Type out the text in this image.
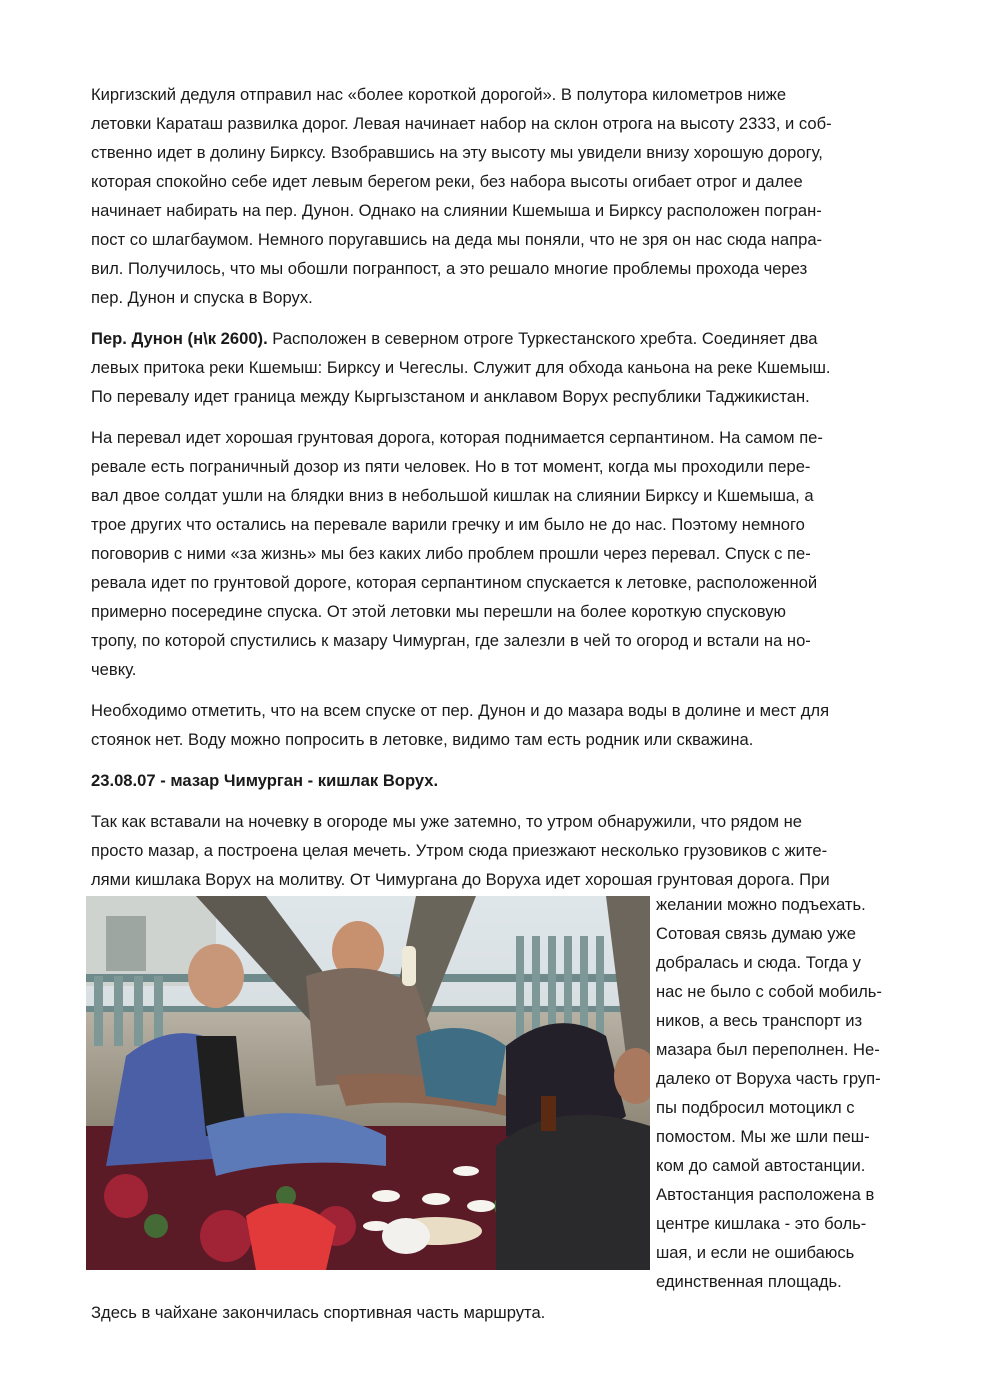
Киргизский дедуля отправил нас «более короткой дорогой». В полутора километров ниже
летовки Караташ развилка дорог. Левая начинает набор на склон отрога на высоту 2333, и соб-
ственно идет в долину Бирксу. Взобравшись на эту высоту мы увидели внизу хорошую дорогу,
которая спокойно себе идет левым берегом реки, без набора высоты огибает отрог и далее
начинает набирать на пер. Дунон. Однако на слиянии Кшемыша и Бирксу расположен погран-
пост со шлагбаумом. Немного поругавшись на деда мы поняли, что не зря он нас сюда напра-
вил. Получилось, что мы обошли погранпост, а это решало многие проблемы прохода через
пер. Дунон и спуска в Ворух.

Пер. Дунон (н\к 2600). Расположен в северном отроге Туркестанского хребта. Соединяет два
левых притока реки Кшемыш: Бирксу и Чегеслы. Служит для обхода каньона на реке Кшемыш.
По перевалу идет граница между Кыргызстаном и анклавом Ворух республики Таджикистан.

На перевал идет хорошая грунтовая дорога, которая поднимается серпантином. На самом пе-
ревале есть пограничный дозор из пяти человек. Но в тот момент, когда мы проходили пере-
вал двое солдат ушли на блядки вниз в небольшой кишлак на слиянии Бирксу и Кшемыша, а
трое других что остались на перевале варили гречку и им было не до нас. Поэтому немного
поговорив с ними «за жизнь» мы без каких либо проблем прошли через перевал. Спуск с пе-
ревала идет по грунтовой дороге, которая серпантином спускается к летовке, расположенной
примерно посередине спуска. От этой летовки мы перешли на более короткую спусковую
тропу, по которой спустились к мазару Чимурган, где залезли в чей то огород и встали на но-
чевку.

Необходимо отметить, что на всем спуске от пер. Дунон и до мазара воды в долине и мест для
стоянок нет. Воду можно попросить в летовке, видимо там есть родник или скважина.

23.08.07 - мазар Чимурган - кишлак Ворух.

Так как вставали на ночевку в огороде мы уже затемно, то утром обнаружили, что рядом не
просто мазар, а построена целая мечеть. Утром сюда приезжают несколько грузовиков с жите-
лями кишлака Ворух на молитву. От Чимургана до Воруха идет хорошая грунтовая дорога. При

желании можно подъехать.
Сотовая связь думаю уже
добралась и сюда. Тогда у
нас не было с собой мобиль-
ников, а весь транспорт из
мазара был переполнен. Не-
далеко от Воруха часть груп-
пы подбросил мотоцикл с
помостом. Мы же шли пеш-
ком до самой автостанции.
Автостанция расположена в
центре кишлака - это боль-
шая, и если не ошибаюсь
единственная площадь.
Здесь в чайхане закончилась спортивная часть маршрута.
